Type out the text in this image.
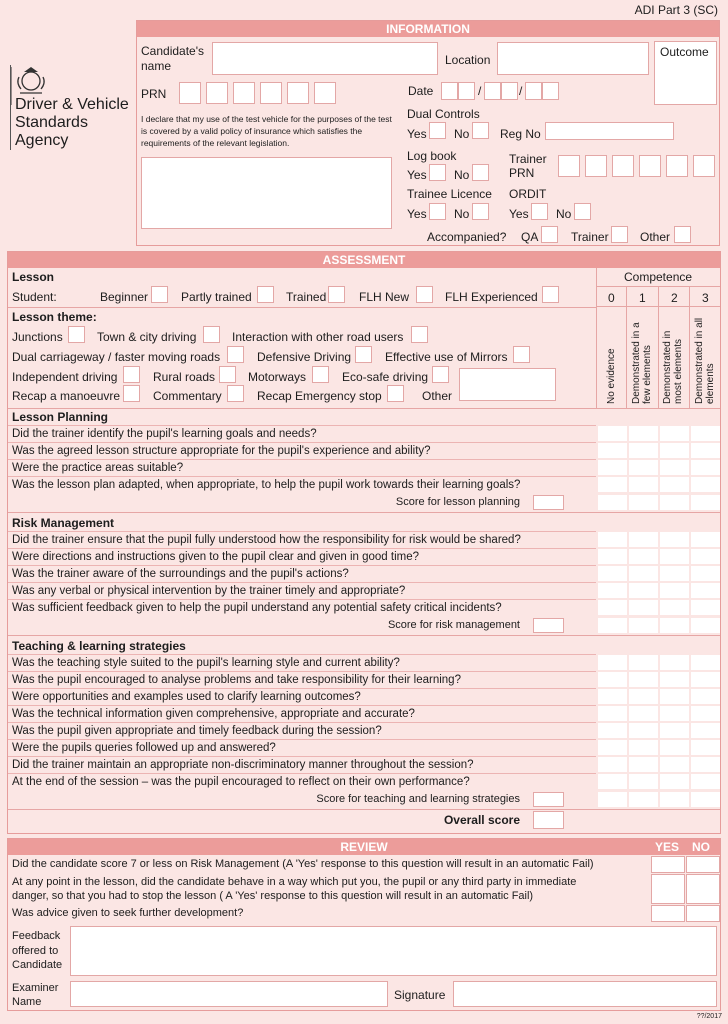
ADI Part 3 (SC)
Driver & Vehicle
Standards
Agency
INFORMATION
Candidate's name	Location
Outcome
PRN	Date	/	/
I declare that my use of the test vehicle for the purposes of the test is covered by a valid policy of insurance which satisfies the requirements of the relevant legislation.
Dual Controls
Yes No	Reg No
Log book
Yes No
Trainer PRN
Trainee Licence ORDIT
Yes No	Yes No
Accompanied? QA	Trainer	Other
ASSESSMENT
Lesson	Competence
0 1 2 3
No evidence Demonstrated in a few elements Demonstrated in most elements Demonstrated in all elements
Student:	Beginner	Partly trained	Trained	FLH New	FLH Experienced
Lesson theme:
Junctions	Town & city driving	Interaction with other road users
Dual carriageway / faster moving roads	Defensive Driving	Effective use of Mirrors
Independent driving	Rural roads	Motorways	Eco-safe driving
Recap a manoeuvre	Commentary	Recap Emergency stop	Other
Lesson Planning
Did the trainer identify the pupil's learning goals and needs?
Was the agreed lesson structure appropriate for the pupil's experience and ability?
Were the practice areas suitable?
Was the lesson plan adapted, when appropriate, to help the pupil work towards their learning goals?
Score for lesson planning
Risk Management
Did the trainer ensure that the pupil fully understood how the responsibility for risk would be shared?
Were directions and instructions given to the pupil clear and given in good time?
Was the trainer aware of the surroundings and the pupil's actions?
Was any verbal or physical intervention by the trainer timely and appropriate?
Was sufficient feedback given to help the pupil understand any potential safety critical incidents?
Score for risk management
Teaching & learning strategies
Was the teaching style suited to the pupil's learning style and current ability?
Was the pupil encouraged to analyse problems and take responsibility for their learning?
Were opportunities and examples used to clarify learning outcomes?
Was the technical information given comprehensive, appropriate and accurate?
Was the pupil given appropriate and timely feedback during the session?
Were the pupils queries followed up and answered?
Did the trainer maintain an appropriate non-discriminatory manner throughout the session?
At the end of the session – was the pupil encouraged to reflect on their own performance?
Score for teaching and learning strategies
Overall score
REVIEW	YES NO
Did the candidate score 7 or less on Risk Management (A 'Yes' response to this question will result in an automatic Fail)
At any point in the lesson, did the candidate behave in a way which put you, the pupil or any third party in immediate
danger, so that you had to stop the lesson ( A 'Yes' response to this question will result in an automatic Fail)
Was advice given to seek further development?
Feedback
offered to
Candidate
Examiner
Name	Signature
??/2017
